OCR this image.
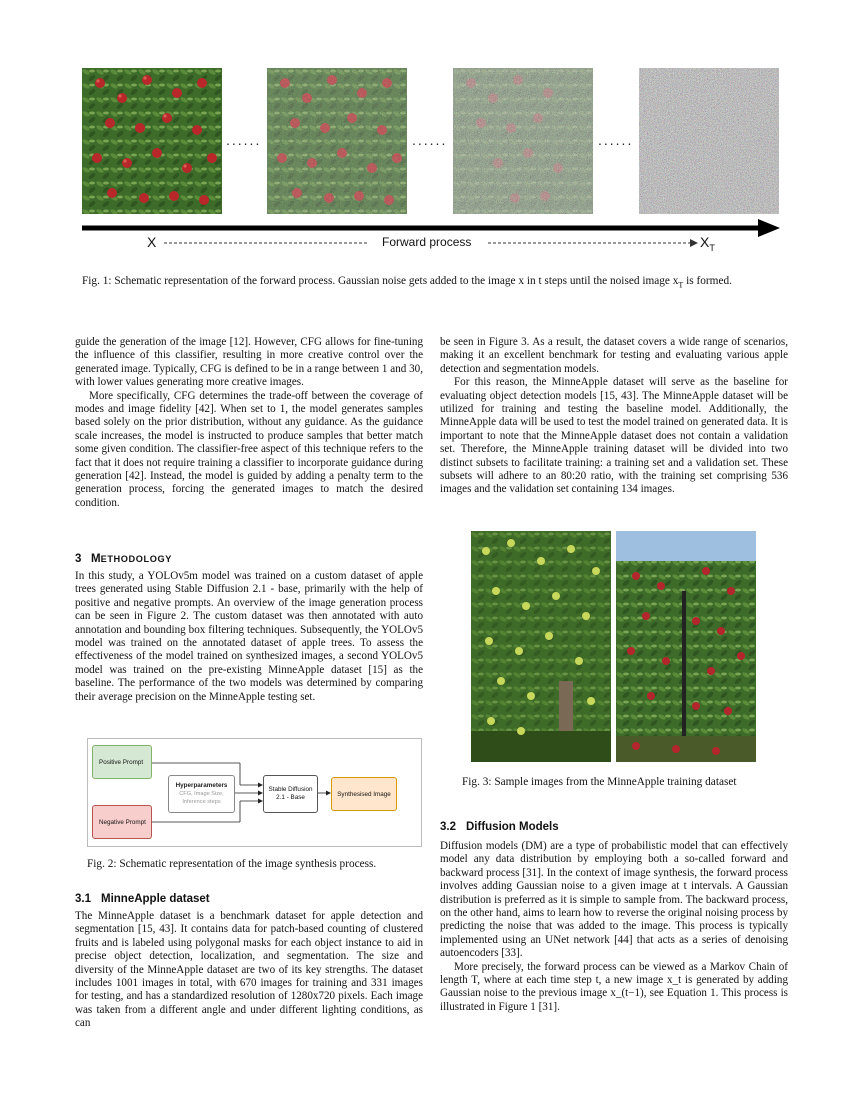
......	......	......
X	Forward process	$X_T$
Fig. 1: Schematic representation of the forward process. Gaussian noise gets added to the image x in t steps until the noised image $x_T$ is formed.

guide the generation of the image [12]. However, CFG allows for fine-tuning the influence of this classifier, resulting in more creative control over the generated image. Typically, CFG is defined to be in a range between 1 and 30, with lower values generating more creative images.

More specifically, CFG determines the trade-off between the coverage of modes and image fidelity [42]. When set to 1, the model generates samples based solely on the prior distribution, without any guidance. As the guidance scale increases, the model is instructed to produce samples that better match some given condition. The classifier-free aspect of this technique refers to the fact that it does not require training a classifier to incorporate guidance during generation [42]. Instead, the model is guided by adding a penalty term to the generation process, forcing the generated images to match the desired condition.

3 METHODOLOGY

In this study, a YOLOv5m model was trained on a custom dataset of apple trees generated using Stable Diffusion 2.1 - base, primarily with the help of positive and negative prompts. An overview of the image generation process can be seen in Figure 2. The custom dataset was then annotated with auto annotation and bounding box filtering techniques. Subsequently, the YOLOv5 model was trained on the annotated dataset of apple trees. To assess the effectiveness of the model trained on synthesized images, a second YOLOv5 model was trained on the pre-existing MinneApple dataset [15] as the baseline. The performance of the two models was determined by comparing their average precision on the MinneApple testing set.

Positive Prompt
Negative Prompt
Hyperparameters
CFG, Image Size, Inference steps
Stable Diffusion
2.1 - Base	Synthesised Image
Fig. 2: Schematic representation of the image synthesis process.
3.1 MinneApple dataset

The MinneApple dataset is a benchmark dataset for apple detection and segmentation [15, 43]. It contains data for patch-based counting of clustered fruits and is labeled using polygonal masks for each object instance to aid in precise object detection, localization, and segmentation. The size and diversity of the MinneApple dataset are two of its key strengths. The dataset includes 1001 images in total, with 670 images for training and 331 images for testing, and has a standardized resolution of 1280x720 pixels. Each image was taken from a different angle and under different lighting conditions, as can

be seen in Figure 3. As a result, the dataset covers a wide range of scenarios, making it an excellent benchmark for testing and evaluating various apple detection and segmentation models.

For this reason, the MinneApple dataset will serve as the baseline for evaluating object detection models [15, 43]. The MinneApple dataset will be utilized for training and testing the baseline model. Additionally, the MinneApple data will be used to test the model trained on generated data. It is important to note that the MinneApple dataset does not contain a validation set. Therefore, the MinneApple training dataset will be divided into two distinct subsets to facilitate training: a training set and a validation set. These subsets will adhere to an 80:20 ratio, with the training set comprising 536 images and the validation set containing 134 images.

Fig. 3: Sample images from the MinneApple training dataset
3.2 Diffusion Models

Diffusion models (DM) are a type of probabilistic model that can effectively model any data distribution by employing both a so-called forward and backward process [31]. In the context of image synthesis, the forward process involves adding Gaussian noise to a given image at t intervals. A Gaussian distribution is preferred as it is simple to sample from. The backward process, on the other hand, aims to learn how to reverse the original noising process by predicting the noise that was added to the image. This process is typically implemented using an UNet network [44] that acts as a series of denoising autoencoders [33].

More precisely, the forward process can be viewed as a Markov Chain of length T, where at each time step t, a new image x_t is generated by adding Gaussian noise to the previous image x_(t−1), see Equation 1. This process is illustrated in Figure 1 [31].
